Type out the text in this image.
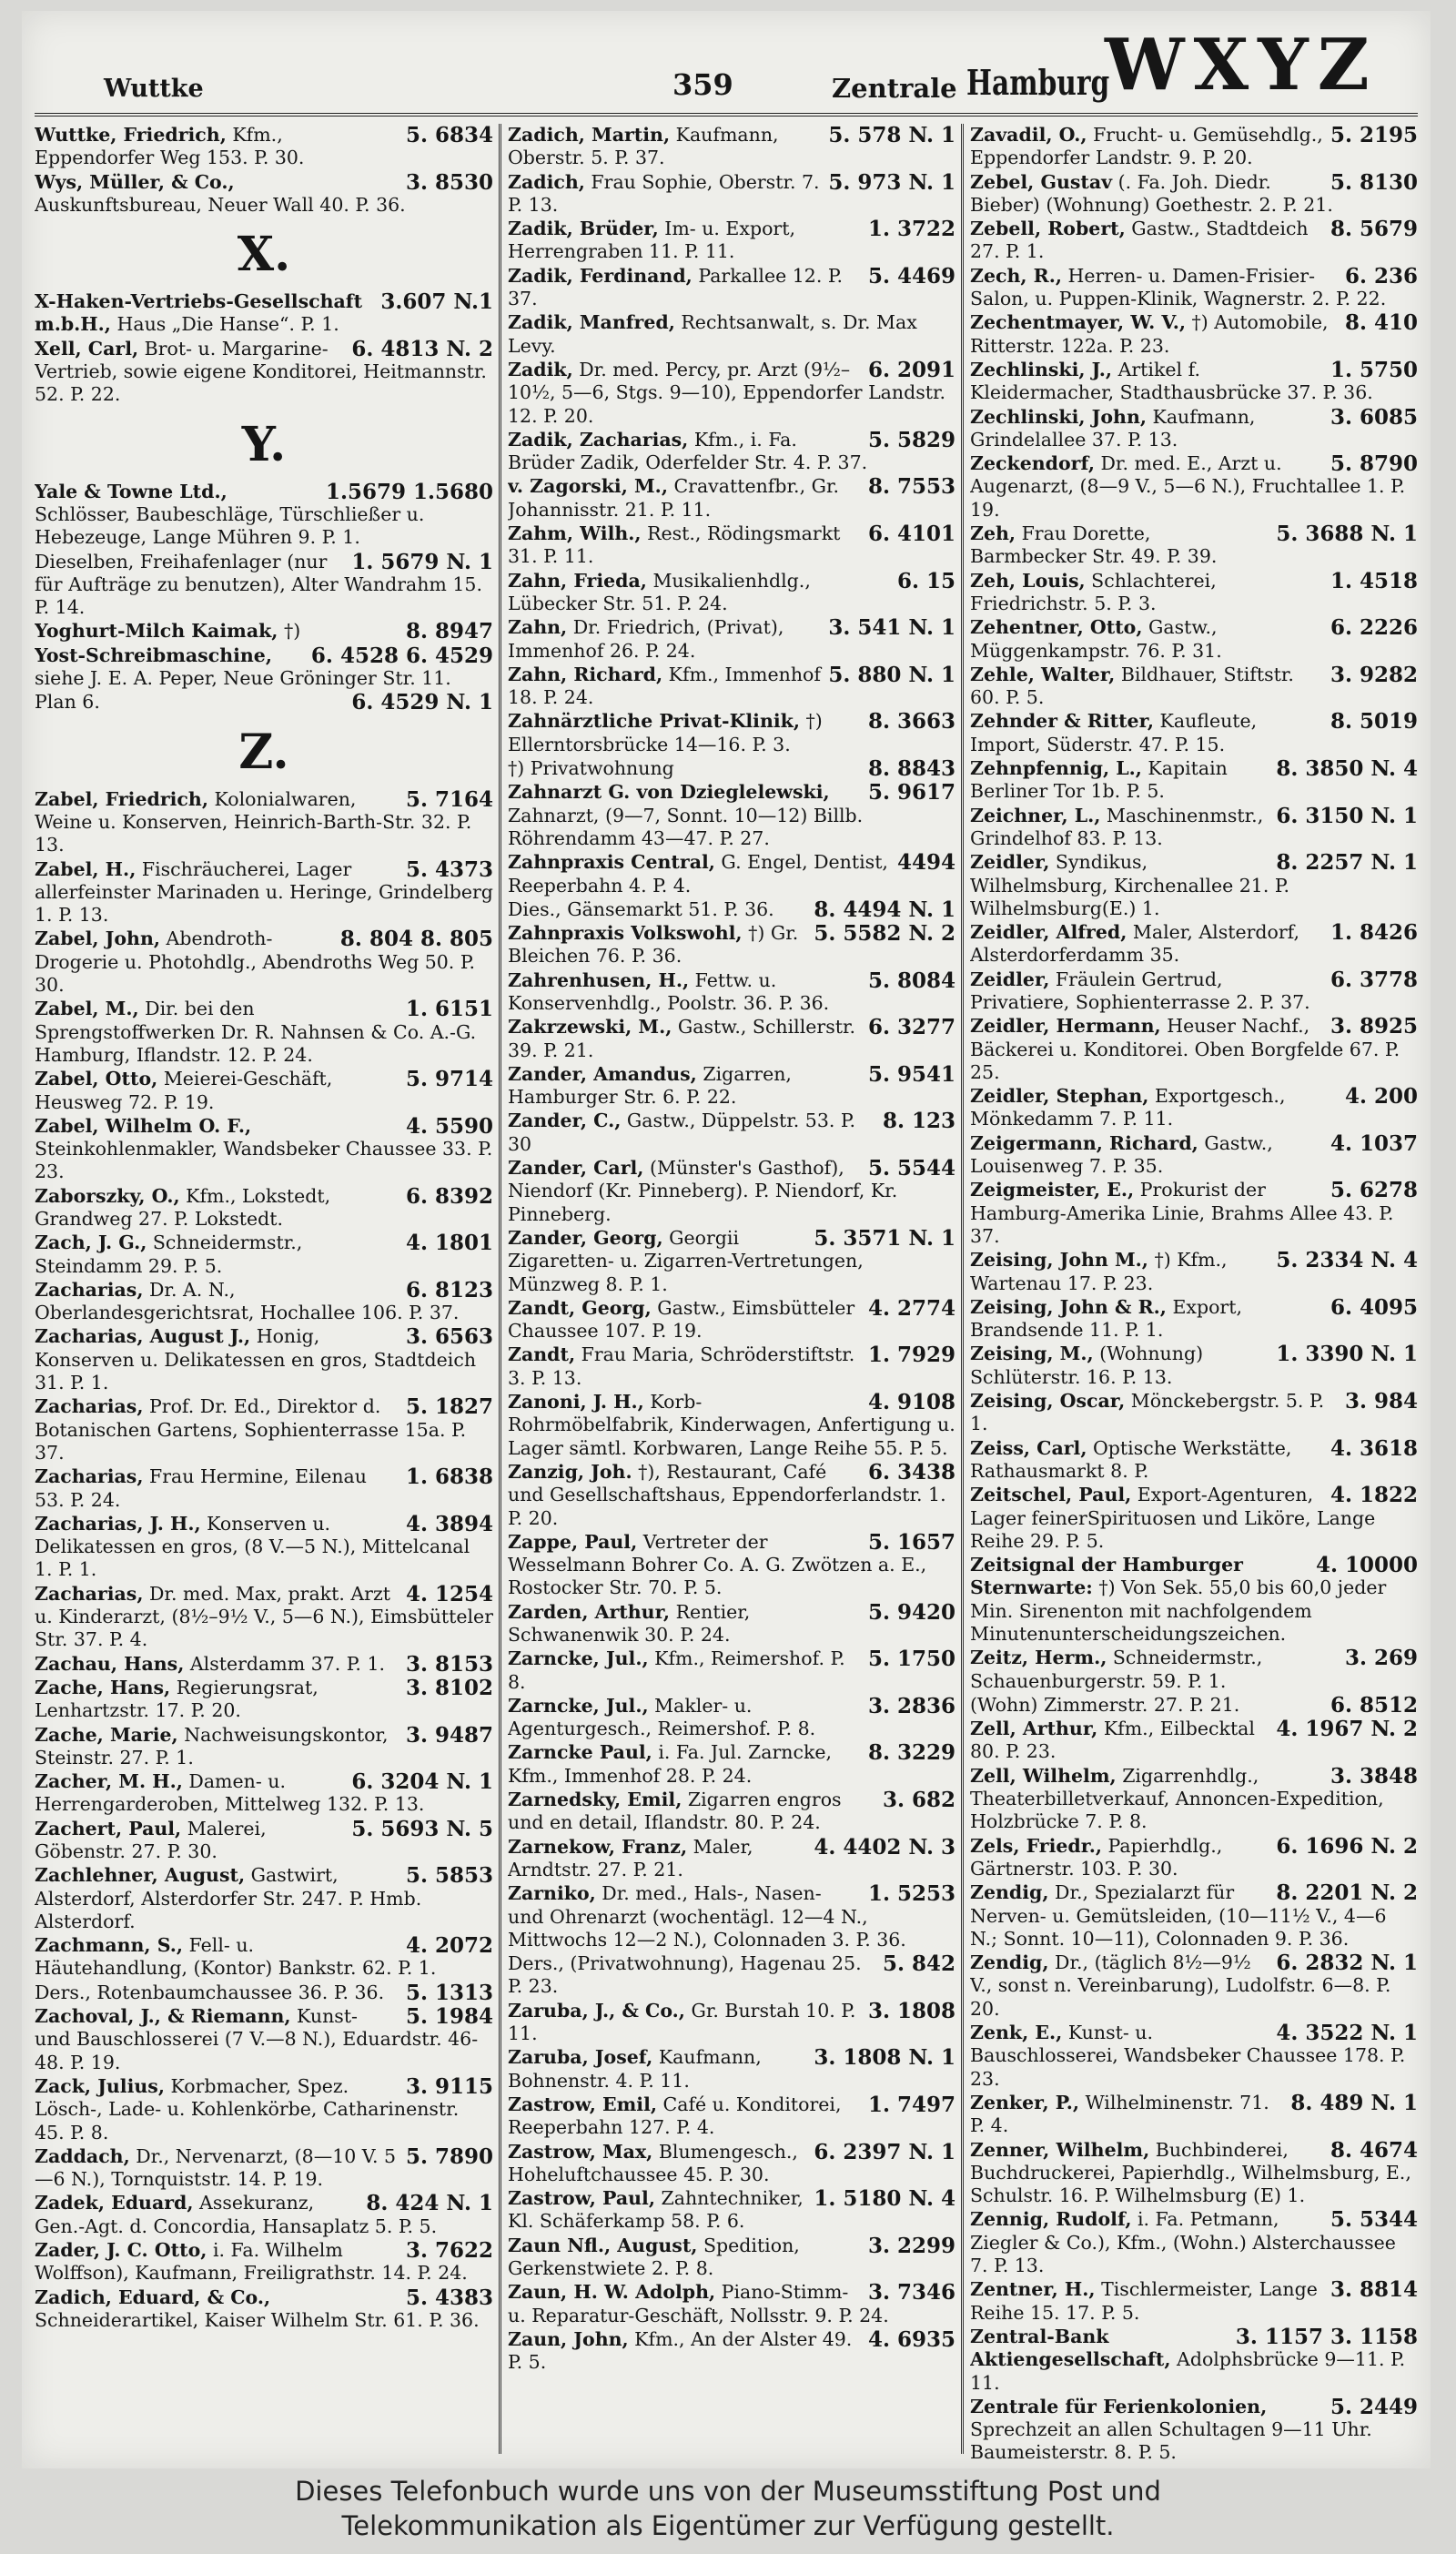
Wuttke	359	Zentrale Hamburg
WXYZ

5. 6834
Wuttke, Friedrich, Kfm., Eppendorfer Weg 153. P. 30.

3. 8530
Wys, Müller, & Co., Auskunftsbureau, Neuer Wall 40. P. 36.

X.

3.607 N.1
X-Haken-Vertriebs-Gesellschaft m.b.H., Haus „Die Hanse“. P. 1.

6. 4813 N. 2
Xell, Carl, Brot- u. Margarine-Vertrieb, sowie eigene Konditorei, Heitmannstr. 52. P. 22.

Y.

1.5679 1.5680
Yale & Towne Ltd., Schlösser, Baubeschläge, Türschließer u. Hebezeuge, Lange Mühren 9. P. 1.

1. 5679 N. 1
Dieselben, Freihafenlager (nur für Aufträge zu benutzen), Alter Wandrahm 15. P. 14.

8. 8947
Yoghurt-Milch Kaimak, †)

6. 4528 6. 4529
Yost-Schreibmaschine, siehe J. E. A. Peper, Neue Gröninger Str. 11.

6. 4529 N. 1
Plan 6.

Z.

5. 7164
Zabel, Friedrich, Kolonialwaren, Weine u. Konserven, Heinrich-Barth-Str. 32. P. 13.

5. 4373
Zabel, H., Fischräucherei, Lager allerfeinster Marinaden u. Heringe, Grindelberg 1. P. 13.

8. 804 8. 805
Zabel, John, Abendroth-Drogerie u. Photohdlg., Abendroths Weg 50. P. 30.

1. 6151
Zabel, M., Dir. bei den Sprengstoffwerken Dr. R. Nahnsen & Co. A.-G. Hamburg, Iflandstr. 12. P. 24.

5. 9714
Zabel, Otto, Meierei-Geschäft, Heusweg 72. P. 19.

4. 5590
Zabel, Wilhelm O. F., Steinkohlenmakler, Wandsbeker Chaussee 33. P. 23.

6. 8392
Zaborszky, O., Kfm., Lokstedt, Grandweg 27. P. Lokstedt.

4. 1801
Zach, J. G., Schneidermstr., Steindamm 29. P. 5.

6. 8123
Zacharias, Dr. A. N., Oberlandesgerichtsrat, Hochallee 106. P. 37.

3. 6563
Zacharias, August J., Honig, Konserven u. Delikatessen en gros, Stadtdeich 31. P. 1.

5. 1827
Zacharias, Prof. Dr. Ed., Direktor d. Botanischen Gartens, Sophienterrasse 15a. P. 37.

1. 6838
Zacharias, Frau Hermine, Eilenau 53. P. 24.

4. 3894
Zacharias, J. H., Konserven u. Delikatessen en gros, (8 V.—5 N.), Mittelcanal 1. P. 1.

4. 1254
Zacharias, Dr. med. Max, prakt. Arzt u. Kinderarzt, (8½–9½ V., 5—6 N.), Eimsbütteler Str. 37. P. 4.

3. 8153
Zachau, Hans, Alsterdamm 37. P. 1.

3. 8102
Zache, Hans, Regierungsrat, Lenhartzstr. 17. P. 20.

3. 9487
Zache, Marie, Nachweisungskontor, Steinstr. 27. P. 1.

6. 3204 N. 1
Zacher, M. H., Damen- u. Herrengarderoben, Mittelweg 132. P. 13.

5. 5693 N. 5
Zachert, Paul, Malerei, Göbenstr. 27. P. 30.

5. 5853
Zachlehner, August, Gastwirt, Alsterdorf, Alsterdorfer Str. 247. P. Hmb. Alsterdorf.

4. 2072
Zachmann, S., Fell- u. Häutehandlung, (Kontor) Bankstr. 62. P. 1.

5. 1313
Ders., Rotenbaumchaussee 36. P. 36.

5. 1984
Zachoval, J., & Riemann, Kunst- und Bauschlosserei (7 V.—8 N.), Eduardstr. 46-48. P. 19.

3. 9115
Zack, Julius, Korbmacher, Spez. Lösch-, Lade- u. Kohlenkörbe, Catharinenstr. 45. P. 8.

5. 7890
Zaddach, Dr., Nervenarzt, (8—10 V. 5—6 N.), Tornquiststr. 14. P. 19.

8. 424 N. 1
Zadek, Eduard, Assekuranz, Gen.-Agt. d. Concordia, Hansaplatz 5. P. 5.

3. 7622
Zader, J. C. Otto, i. Fa. Wilhelm Wolffson), Kaufmann, Freiligrathstr. 14. P. 24.

5. 4383
Zadich, Eduard, & Co., Schneiderartikel, Kaiser Wilhelm Str. 61. P. 36.

5. 578 N. 1
Zadich, Martin, Kaufmann, Oberstr. 5. P. 37.

5. 973 N. 1
Zadich, Frau Sophie, Oberstr. 7. P. 13.

1. 3722
Zadik, Brüder, Im- u. Export, Herrengraben 11. P. 11.

5. 4469
Zadik, Ferdinand, Parkallee 12. P. 37.

Zadik, Manfred, Rechtsanwalt, s. Dr. Max Levy.

6. 2091
Zadik, Dr. med. Percy, pr. Arzt (9½–10½, 5—6, Stgs. 9—10), Eppendorfer Landstr. 12. P. 20.

5. 5829
Zadik, Zacharias, Kfm., i. Fa. Brüder Zadik, Oderfelder Str. 4. P. 37.

8. 7553
v. Zagorski, M., Cravattenfbr., Gr. Johannisstr. 21. P. 11.

6. 4101
Zahm, Wilh., Rest., Rödingsmarkt 31. P. 11.

6. 15
Zahn, Frieda, Musikalienhdlg., Lübecker Str. 51. P. 24.

3. 541 N. 1
Zahn, Dr. Friedrich, (Privat), Immenhof 26. P. 24.

5. 880 N. 1
Zahn, Richard, Kfm., Immenhof 18. P. 24.

8. 3663
Zahnärztliche Privat-Klinik, †) Ellerntorsbrücke 14—16. P. 3.

8. 8843
†) Privatwohnung

5. 9617
Zahnarzt G. von Dzieglelewski, Zahnarzt, (9—7, Sonnt. 10—12) Billb. Röhrendamm 43—47. P. 27.

4494
Zahnpraxis Central, G. Engel, Dentist, Reeperbahn 4. P. 4.

8. 4494 N. 1
Dies., Gänsemarkt 51. P. 36.

5. 5582 N. 2
Zahnpraxis Volkswohl, †) Gr. Bleichen 76. P. 36.

5. 8084
Zahrenhusen, H., Fettw. u. Konservenhdlg., Poolstr. 36. P. 36.

6. 3277
Zakrzewski, M., Gastw., Schillerstr. 39. P. 21.

5. 9541
Zander, Amandus, Zigarren, Hamburger Str. 6. P. 22.

8. 123
Zander, C., Gastw., Düppelstr. 53. P. 30

5. 5544
Zander, Carl, (Münster's Gasthof), Niendorf (Kr. Pinneberg). P. Niendorf, Kr. Pinneberg.

5. 3571 N. 1
Zander, Georg, Georgii Zigaretten- u. Zigarren-Vertretungen, Münzweg 8. P. 1.

4. 2774
Zandt, Georg, Gastw., Eimsbütteler Chaussee 107. P. 19.

1. 7929
Zandt, Frau Maria, Schröderstiftstr. 3. P. 13.

4. 9108
Zanoni, J. H., Korb-Rohrmöbelfabrik, Kinderwagen, Anfertigung u. Lager sämtl. Korbwaren, Lange Reihe 55. P. 5.

6. 3438
Zanzig, Joh. †), Restaurant, Café und Gesellschaftshaus, Eppendorferlandstr. 1. P. 20.

5. 1657
Zappe, Paul, Vertreter der Wesselmann Bohrer Co. A. G. Zwötzen a. E., Rostocker Str. 70. P. 5.

5. 9420
Zarden, Arthur, Rentier, Schwanenwik 30. P. 24.

5. 1750
Zarncke, Jul., Kfm., Reimershof. P. 8.

3. 2836
Zarncke, Jul., Makler- u. Agenturgesch., Reimershof. P. 8.

8. 3229
Zarncke Paul, i. Fa. Jul. Zarncke, Kfm., Immenhof 28. P. 24.

3. 682
Zarnedsky, Emil, Zigarren engros und en detail, Iflandstr. 80. P. 24.

4. 4402 N. 3
Zarnekow, Franz, Maler, Arndtstr. 27. P. 21.

1. 5253
Zarniko, Dr. med., Hals-, Nasen- und Ohrenarzt (wochentägl. 12—4 N., Mittwochs 12—2 N.), Colonnaden 3. P. 36.

5. 842
Ders., (Privatwohnung), Hagenau 25. P. 23.

3. 1808
Zaruba, J., & Co., Gr. Burstah 10. P. 11.

3. 1808 N. 1
Zaruba, Josef, Kaufmann, Bohnenstr. 4. P. 11.

1. 7497
Zastrow, Emil, Café u. Konditorei, Reeperbahn 127. P. 4.

6. 2397 N. 1
Zastrow, Max, Blumengesch., Hoheluftchaussee 45. P. 30.

1. 5180 N. 4
Zastrow, Paul, Zahntechniker, Kl. Schäferkamp 58. P. 6.

3. 2299
Zaun Nfl., August, Spedition, Gerkenstwiete 2. P. 8.

3. 7346
Zaun, H. W. Adolph, Piano-Stimm- u. Reparatur-Geschäft, Nollsstr. 9. P. 24.

4. 6935
Zaun, John, Kfm., An der Alster 49. P. 5.

5. 2195
Zavadil, O., Frucht- u. Gemüsehdlg., Eppendorfer Landstr. 9. P. 20.

5. 8130
Zebel, Gustav (. Fa. Joh. Diedr. Bieber) (Wohnung) Goethestr. 2. P. 21.

8. 5679
Zebell, Robert, Gastw., Stadtdeich 27. P. 1.

6. 236
Zech, R., Herren- u. Damen-Frisier-Salon, u. Puppen-Klinik, Wagnerstr. 2. P. 22.

8. 410
Zechentmayer, W. V., †) Automobile, Ritterstr. 122a. P. 23.

1. 5750
Zechlinski, J., Artikel f. Kleidermacher, Stadthausbrücke 37. P. 36.

3. 6085
Zechlinski, John, Kaufmann, Grindelallee 37. P. 13.

5. 8790
Zeckendorf, Dr. med. E., Arzt u. Augenarzt, (8—9 V., 5—6 N.), Fruchtallee 1. P. 19.

5. 3688 N. 1
Zeh, Frau Dorette, Barmbecker Str. 49. P. 39.

1. 4518
Zeh, Louis, Schlachterei, Friedrichstr. 5. P. 3.

6. 2226
Zehentner, Otto, Gastw., Müggenkampstr. 76. P. 31.

3. 9282
Zehle, Walter, Bildhauer, Stiftstr. 60. P. 5.

8. 5019
Zehnder & Ritter, Kaufleute, Import, Süderstr. 47. P. 15.

8. 3850 N. 4
Zehnpfennig, L., Kapitain Berliner Tor 1b. P. 5.

6. 3150 N. 1
Zeichner, L., Maschinenmstr., Grindelhof 83. P. 13.

8. 2257 N. 1
Zeidler, Syndikus, Wilhelmsburg, Kirchenallee 21. P. Wilhelmsburg(E.) 1.

1. 8426
Zeidler, Alfred, Maler, Alsterdorf, Alsterdorferdamm 35.

6. 3778
Zeidler, Fräulein Gertrud, Privatiere, Sophienterrasse 2. P. 37.

3. 8925
Zeidler, Hermann, Heuser Nachf., Bäckerei u. Konditorei. Oben Borgfelde 67. P. 25.

4. 200
Zeidler, Stephan, Exportgesch., Mönkedamm 7. P. 11.

4. 1037
Zeigermann, Richard, Gastw., Louisenweg 7. P. 35.

5. 6278
Zeigmeister, E., Prokurist der Hamburg-Amerika Linie, Brahms Allee 43. P. 37.

5. 2334 N. 4
Zeising, John M., †) Kfm., Wartenau 17. P. 23.

6. 4095
Zeising, John & R., Export, Brandsende 11. P. 1.

1. 3390 N. 1
Zeising, M., (Wohnung) Schlüterstr. 16. P. 13.

3. 984
Zeising, Oscar, Mönckebergstr. 5. P. 1.

4. 3618
Zeiss, Carl, Optische Werkstätte, Rathausmarkt 8. P.

4. 1822
Zeitschel, Paul, Export-Agenturen, Lager feinerSpirituosen und Liköre, Lange Reihe 29. P. 5.

4. 10000
Zeitsignal der Hamburger Sternwarte: †) Von Sek. 55,0 bis 60,0 jeder Min. Sirenenton mit nachfolgendem Minutenunterscheidungszeichen.

3. 269
Zeitz, Herm., Schneidermstr., Schauenburgerstr. 59. P. 1.

6. 8512
(Wohn) Zimmerstr. 27. P. 21.

4. 1967 N. 2
Zell, Arthur, Kfm., Eilbecktal 80. P. 23.

3. 3848
Zell, Wilhelm, Zigarrenhdlg., Theaterbilletverkauf, Annoncen-Expedition, Holzbrücke 7. P. 8.

6. 1696 N. 2
Zels, Friedr., Papierhdlg., Gärtnerstr. 103. P. 30.

8. 2201 N. 2
Zendig, Dr., Spezialarzt für Nerven- u. Gemütsleiden, (10—11½ V., 4—6 N.; Sonnt. 10—11), Colonnaden 9. P. 36.

6. 2832 N. 1
Zendig, Dr., (täglich 8½—9½ V., sonst n. Vereinbarung), Ludolfstr. 6—8. P. 20.

4. 3522 N. 1
Zenk, E., Kunst- u. Bauschlosserei, Wandsbeker Chaussee 178. P. 23.

8. 489 N. 1
Zenker, P., Wilhelminenstr. 71. P. 4.

8. 4674
Zenner, Wilhelm, Buchbinderei, Buchdruckerei, Papierhdlg., Wilhelmsburg, E., Schulstr. 16. P. Wilhelmsburg (E) 1.

5. 5344
Zennig, Rudolf, i. Fa. Petmann, Ziegler & Co.), Kfm., (Wohn.) Alsterchaussee 7. P. 13.

3. 8814
Zentner, H., Tischlermeister, Lange Reihe 15. 17. P. 5.

3. 1157 3. 1158
Zentral-Bank Aktiengesellschaft, Adolphsbrücke 9—11. P. 11.

5. 2449
Zentrale für Ferienkolonien, Sprechzeit an allen Schultagen 9—11 Uhr. Baumeisterstr. 8. P. 5.

Dieses Telefonbuch wurde uns von der Museumsstiftung Post und
Telekommunikation als Eigentümer zur Verfügung gestellt.
